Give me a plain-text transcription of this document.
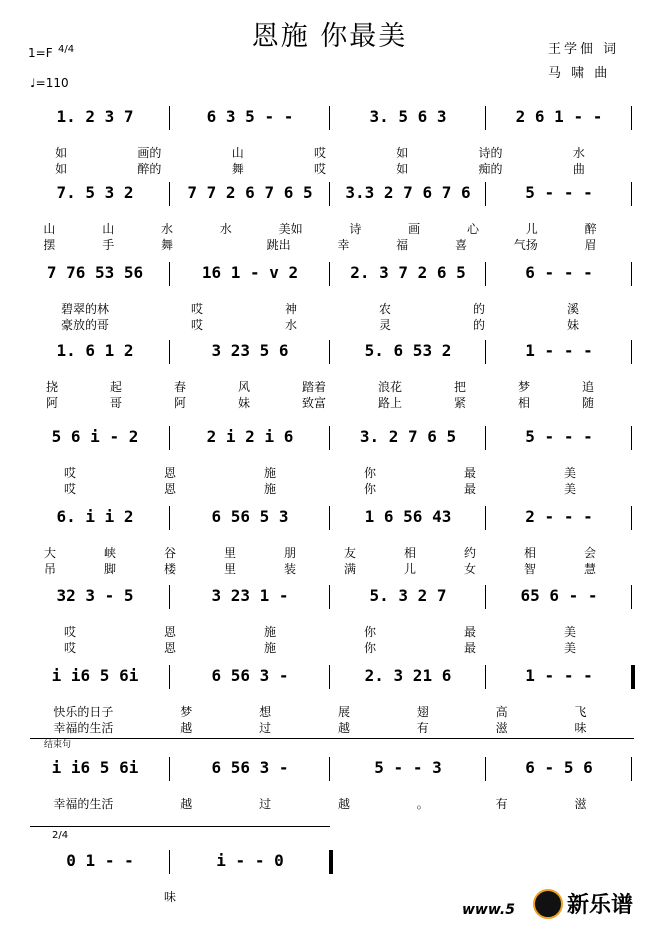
恩施 你最美	王学佃 词
马 啸 曲
1=F 4/4
♩=110
1. 2 3 7	6 3 5 - -	3. 5 6 3	2 6 1 - -
如	画的	山	哎	如	诗的	水
如	醉的	舞	哎	如	痴的	曲
7. 5 3 2	7 7 2 6 7 6 5	3.3 2 7 6 7 6	5 - - -
山	山	水	水	美如	诗	画	心	儿	醉
摆	手	舞	跳出	幸	福	喜	气扬	眉
7 76 53 56	16 1 - v 2	2. 3 7 2 6 5	6 - - -
碧翠的林	哎	神	农	的	溪
豪放的哥	哎	水	灵	的	妹
1. 6 1 2	3 23 5 6	5. 6 53 2	1 - - -
挠	起	春	风	踏着	浪花	把	梦	追
阿	哥	阿	妹	致富	路上	紧	相	随
5 6 i - 2	2 i 2 i 6	3. 2 7 6 5	5 - - -
哎	恩	施	你	最	美
哎	恩	施	你	最	美
6. i i 2	6 56 5 3	1 6 56 43	2 - - -
大	峡	谷	里	朋	友	相	约	相	会
吊	脚	楼	里	装	满	儿	女	智	慧
32 3 - 5	3 23 1 -	5. 3 2 7	65 6 - -
哎	恩	施	你	最	美
哎	恩	施	你	最	美
i i6 5 6i	6 56 3 -	2. 3 21 6	1 - - -
快乐的日子	梦	想	展	翅	高	飞
幸福的生活	越	过	越	有	滋	味
i i6 5 6i	6 56 3 -	5 - - 3	6 - 5 6
幸福的生活	越	过	越	。	有	滋
0 1 - -	i - - 0
味
结束句
2/4
www.5 新乐谱
